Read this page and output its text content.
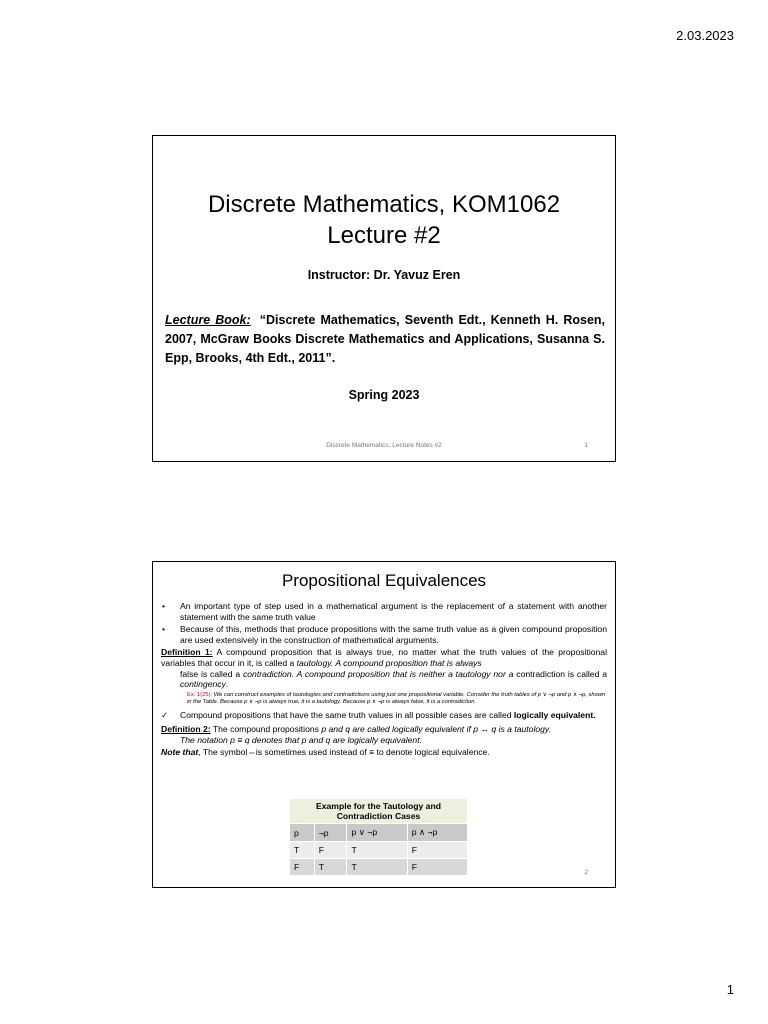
2.03.2023
Discrete Mathematics, KOM1062
Lecture #2
Instructor: Dr. Yavuz Eren
Lecture Book: “Discrete Mathematics, Seventh Edt., Kenneth H. Rosen, 2007, McGraw Books Discrete Mathematics and Applications, Susanna S. Epp, Brooks, 4th Edt., 2011”.
Spring 2023
Discrete Mathematics, Lecture Notes #2	1
Propositional Equivalences
• An important type of step used in a mathematical argument is the replacement of a statement with another statement with the same truth value
• Because of this, methods that produce propositions with the same truth value as a given compound proposition are used extensively in the construction of mathematical arguments.
Definition 1: A compound proposition that is always true, no matter what the truth values of the propositional variables that occur in it, is called a tautology. A compound proposition that is always
false is called a contradiction. A compound proposition that is neither a tautology nor a contradiction is called a contingency.
Ex. 1(25): We can construct examples of tautologies and contradictions using just one propositional variable. Consider the truth tables of p ∨ ¬p and p ∧ ¬p, shown in the Table. Because p ∨ ¬p is always true, it is a tautology. Because p ∧ ¬p is always false, it is a contradiction.
✓ Compound propositions that have the same truth values in all possible cases are called logically equivalent.
Definition 2: The compound propositions p and q are called logically equivalent if p ↔ q is a tautology.
The notation p ≡ q denotes that p and q are logically equivalent.
Note that, The symbol⇔is sometimes used instead of ≡ to denote logical equivalence.
Example for the Tautology and
Contradiction Cases			

p	¬p	p ∨ ¬p	p ∧ ¬p
T	F	T	F
F	T	T	F
2
1
